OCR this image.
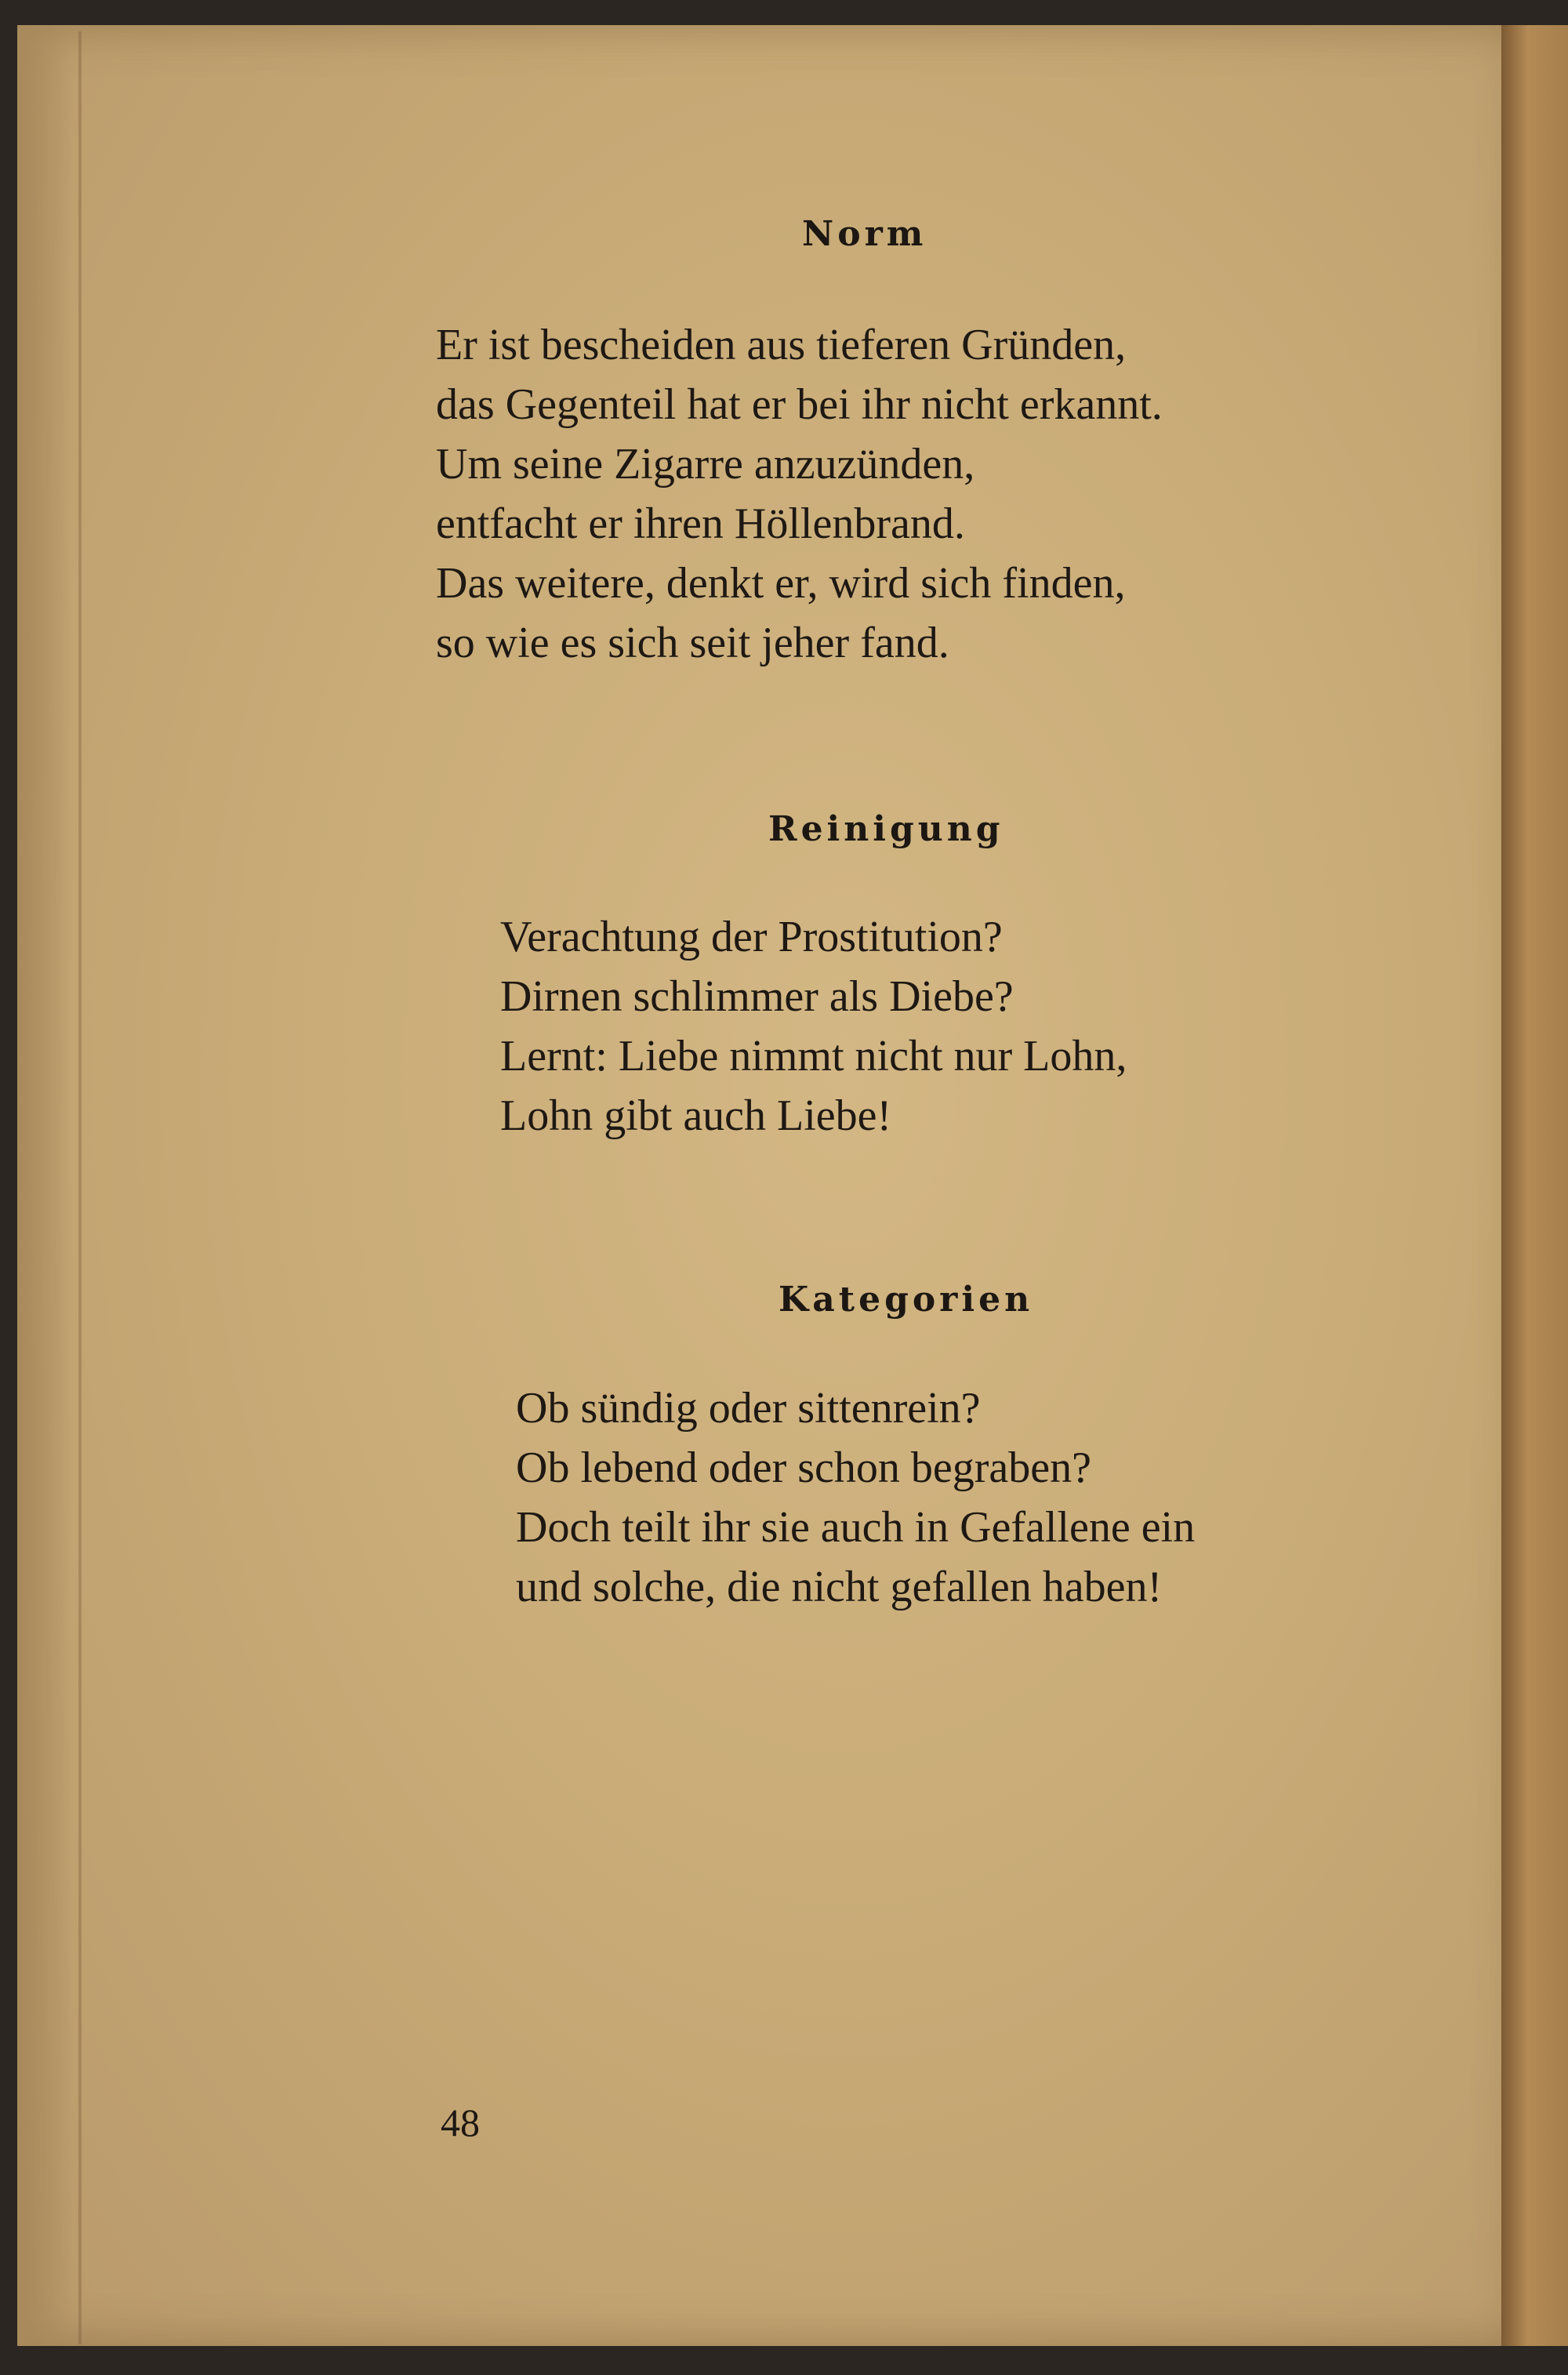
Norm
Er ist bescheiden aus tieferen Gründen,
das Gegenteil hat er bei ihr nicht erkannt.
Um seine Zigarre anzuzünden,
entfacht er ihren Höllenbrand.
Das weitere, denkt er, wird sich finden,
so wie es sich seit jeher fand.
Reinigung
Verachtung der Prostitution?
Dirnen schlimmer als Diebe?
Lernt: Liebe nimmt nicht nur Lohn,
Lohn gibt auch Liebe!
Kategorien
Ob sündig oder sittenrein?
Ob lebend oder schon begraben?
Doch teilt ihr sie auch in Gefallene ein
und solche, die nicht gefallen haben!
48
